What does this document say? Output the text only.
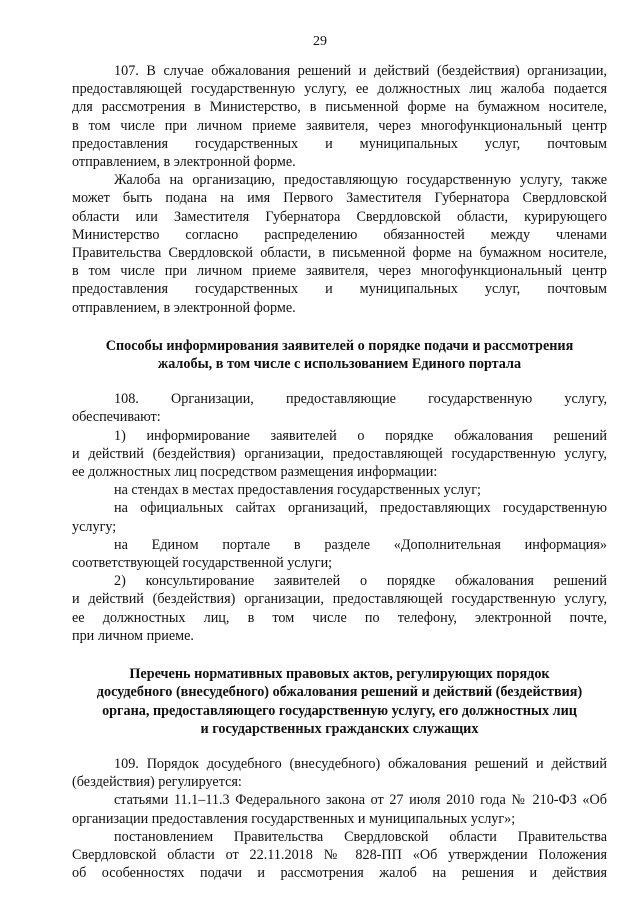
29

107. В случае обжалования решений и действий (бездействия) организации,
предоставляющей государственную услугу, ее должностных лиц жалоба подается
для рассмотрения в Министерство, в письменной форме на бумажном носителе,
в том числе при личном приеме заявителя, через многофункциональный центр
предоставления государственных и муниципальных услуг, почтовым
отправлением, в электронной форме.

Жалоба на организацию, предоставляющую государственную услугу, также
может быть подана на имя Первого Заместителя Губернатора Свердловской
области или Заместителя Губернатора Свердловской области, курирующего
Министерство согласно распределению обязанностей между членами
Правительства Свердловской области, в письменной форме на бумажном носителе,
в том числе при личном приеме заявителя, через многофункциональный центр
предоставления государственных и муниципальных услуг, почтовым
отправлением, в электронной форме.

Способы информирования заявителей о порядке подачи и рассмотрения
жалобы, в том числе с использованием Единого портала

108. Организации, предоставляющие государственную услугу,
обеспечивают:

1) информирование заявителей о порядке обжалования решений
и действий (бездействия) организации, предоставляющей государственную услугу,
ее должностных лиц посредством размещения информации:

на стендах в местах предоставления государственных услуг;

на официальных сайтах организаций, предоставляющих государственную
услугу;

на Едином портале в разделе «Дополнительная информация»
соответствующей государственной услуги;

2) консультирование заявителей о порядке обжалования решений
и действий (бездействия) организации, предоставляющей государственную услугу,
ее должностных лиц, в том числе по телефону, электронной почте,
при личном приеме.

Перечень нормативных правовых актов, регулирующих порядок
досудебного (внесудебного) обжалования решений и действий (бездействия)
органа, предоставляющего государственную услугу, его должностных лиц
и государственных гражданских служащих

109. Порядок досудебного (внесудебного) обжалования решений и действий
(бездействия) регулируется:

статьями 11.1–11.3 Федерального закона от 27 июля 2010 года № 210-ФЗ «Об
организации предоставления государственных и муниципальных услуг»;

постановлением Правительства Свердловской области Правительства
Свердловской области от 22.11.2018 № 828-ПП «Об утверждении Положения
об особенностях подачи и рассмотрения жалоб на решения и действия
